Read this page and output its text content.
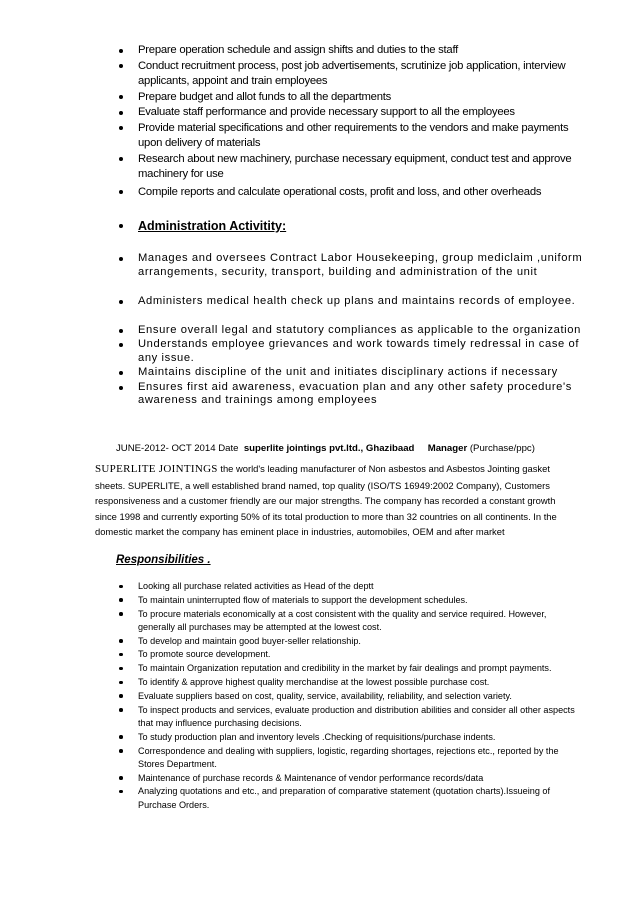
Prepare operation schedule and assign shifts and duties to the staff
Conduct recruitment process, post job advertisements, scrutinize job application, interview applicants, appoint and train employees
Prepare budget and allot funds to all the departments
Evaluate staff performance and provide necessary support to all the employees
Provide material specifications and other requirements to the vendors and make payments upon delivery of materials
Research about new machinery, purchase necessary equipment, conduct test and approve machinery for use
Compile reports and calculate operational costs, profit and loss, and other overheads
Administration Activitity:
Manages and oversees Contract Labor Housekeeping, group mediclaim ,uniform arrangements, security, transport, building and administration of the unit
Administers medical health check up plans and maintains records of employee.
Ensure overall legal and statutory compliances as applicable to the organization
Understands employee grievances and work towards timely redressal in case of any issue.
Maintains discipline of the unit and initiates disciplinary actions if necessary
Ensures first aid awareness, evacuation plan and any other safety procedure's awareness and trainings among employees
JUNE-2012- OCT 2014 Date superlite jointings pvt.ltd., Ghazibaad Manager (Purchase/ppc)
SUPERLITE JOINTINGS the world's leading manufacturer of Non asbestos and Asbestos Jointing gasket sheets. SUPERLITE, a well established brand named, top quality (ISO/TS 16949:2002 Company), Customers responsiveness and a customer friendly are our major strengths. The company has recorded a constant growth since 1998 and currently exporting 50% of its total production to more than 32 countries on all continents. In the domestic market the company has eminent place in industries, automobiles, OEM and after market
Responsibilities .
Looking all purchase related activities as Head of the deptt
To maintain uninterrupted flow of materials to support the development schedules.
To procure materials economically at a cost consistent with the quality and service required. However, generally all purchases may be attempted at the lowest cost.
To develop and maintain good buyer-seller relationship.
To promote source development.
To maintain Organization reputation and credibility in the market by fair dealings and prompt payments.
To identify & approve highest quality merchandise at the lowest possible purchase cost.
Evaluate suppliers based on cost, quality, service, availability, reliability, and selection variety.
To inspect products and services, evaluate production and distribution abilities and consider all other aspects that may influence purchasing decisions.
To study production plan and inventory levels .Checking of requisitions/purchase indents.
Correspondence and dealing with suppliers, logistic, regarding shortages, rejections etc., reported by the Stores Department.
Maintenance of purchase records & Maintenance of vendor performance records/data
Analyzing quotations and etc., and preparation of comparative statement (quotation charts).Issueing of Purchase Orders.
